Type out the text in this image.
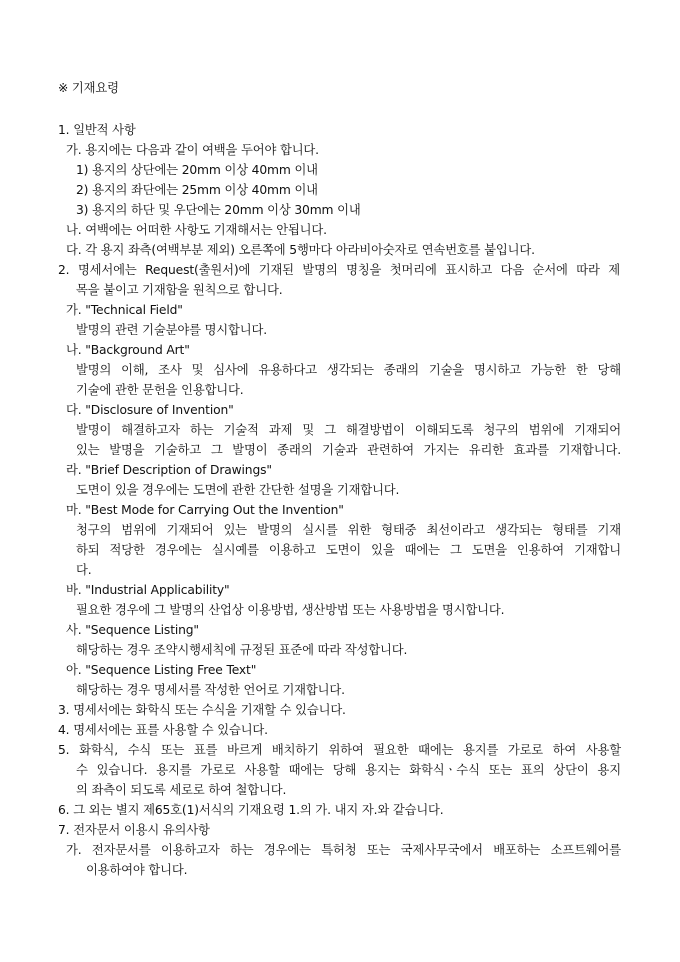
※ 기재요령
1. 일반적 사항
가. 용지에는 다음과 같이 여백을 두어야 합니다.
1) 용지의 상단에는 20mm 이상 40mm 이내
2) 용지의 좌단에는 25mm 이상 40mm 이내
3) 용지의 하단 및 우단에는 20mm 이상 30mm 이내
나. 여백에는 어떠한 사항도 기재해서는 안됩니다.
다. 각 용지 좌측(여백부분 제외) 오른쪽에 5행마다 아라비아숫자로 연속번호를 붙입니다.
2. 명세서에는 Request(출원서)에 기재된 발명의 명칭을 첫머리에 표시하고 다음 순서에 따라 제
목을 붙이고 기재함을 원칙으로 합니다.
가. "Technical Field"
발명의 관련 기술분야를 명시합니다.
나. "Background Art"
발명의 이해, 조사 및 심사에 유용하다고 생각되는 종래의 기술을 명시하고 가능한 한 당해
기술에 관한 문헌을 인용합니다.
다. "Disclosure of Invention"
발명이 해결하고자 하는 기술적 과제 및 그 해결방법이 이해되도록 청구의 범위에 기재되어
있는 발명을 기술하고 그 발명이 종래의 기술과 관련하여 가지는 유리한 효과를 기재합니다.
라. "Brief Description of Drawings"
도면이 있을 경우에는 도면에 관한 간단한 설명을 기재합니다.
마. "Best Mode for Carrying Out the Invention"
청구의 범위에 기재되어 있는 발명의 실시를 위한 형태중 최선이라고 생각되는 형태를 기재
하되 적당한 경우에는 실시예를 이용하고 도면이 있을 때에는 그 도면을 인용하여 기재합니
다.
바. "Industrial Applicability"
필요한 경우에 그 발명의 산업상 이용방법, 생산방법 또는 사용방법을 명시합니다.
사. "Sequence Listing"
해당하는 경우 조약시행세칙에 규정된 표준에 따라 작성합니다.
아. "Sequence Listing Free Text"
해당하는 경우 명세서를 작성한 언어로 기재합니다.
3. 명세서에는 화학식 또는 수식을 기재할 수 있습니다.
4. 명세서에는 표를 사용할 수 있습니다.
5. 화학식, 수식 또는 표를 바르게 배치하기 위하여 필요한 때에는 용지를 가로로 하여 사용할
수 있습니다. 용지를 가로로 사용할 때에는 당해 용지는 화학식ㆍ수식 또는 표의 상단이 용지
의 좌측이 되도록 세로로 하여 철합니다.
6. 그 외는 별지 제65호(1)서식의 기재요령 1.의 가. 내지 자.와 같습니다.
7. 전자문서 이용시 유의사항
가. 전자문서를 이용하고자 하는 경우에는 특허청 또는 국제사무국에서 배포하는 소프트웨어를
이용하여야 합니다.
